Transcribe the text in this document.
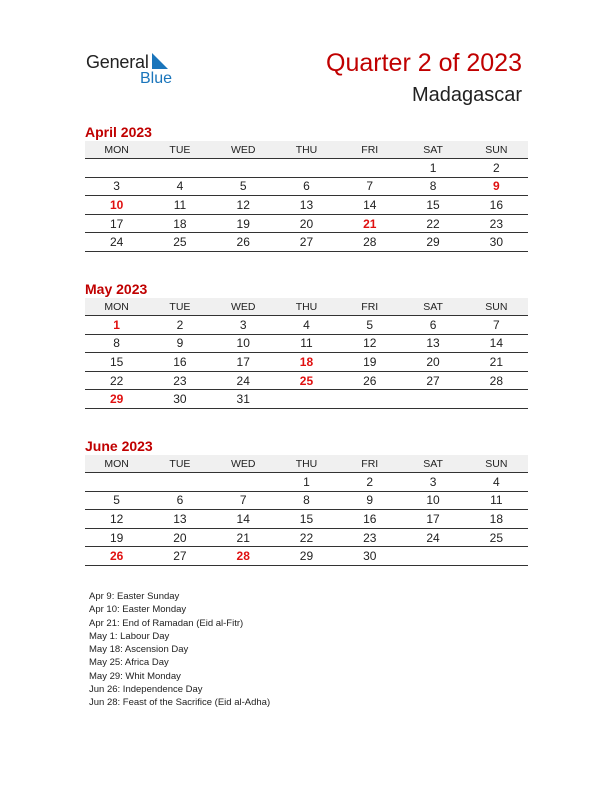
General
Blue
Quarter 2 of 2023
Madagascar
April 2023
MON	TUE	WED	THU	FRI	SAT	SUN
					1	2
3	4	5	6	7	8	9
10	11	12	13	14	15	16
17	18	19	20	21	22	23
24	25	26	27	28	29	30
May 2023
MON	TUE	WED	THU	FRI	SAT	SUN
1	2	3	4	5	6	7
8	9	10	11	12	13	14
15	16	17	18	19	20	21
22	23	24	25	26	27	28
29	30	31				
June 2023
MON	TUE	WED	THU	FRI	SAT	SUN
			1	2	3	4
5	6	7	8	9	10	11
12	13	14	15	16	17	18
19	20	21	22	23	24	25
26	27	28	29	30		
Apr 9: Easter Sunday
Apr 10: Easter Monday
Apr 21: End of Ramadan (Eid al-Fitr)
May 1: Labour Day
May 18: Ascension Day
May 25: Africa Day
May 29: Whit Monday
Jun 26: Independence Day
Jun 28: Feast of the Sacrifice (Eid al-Adha)
